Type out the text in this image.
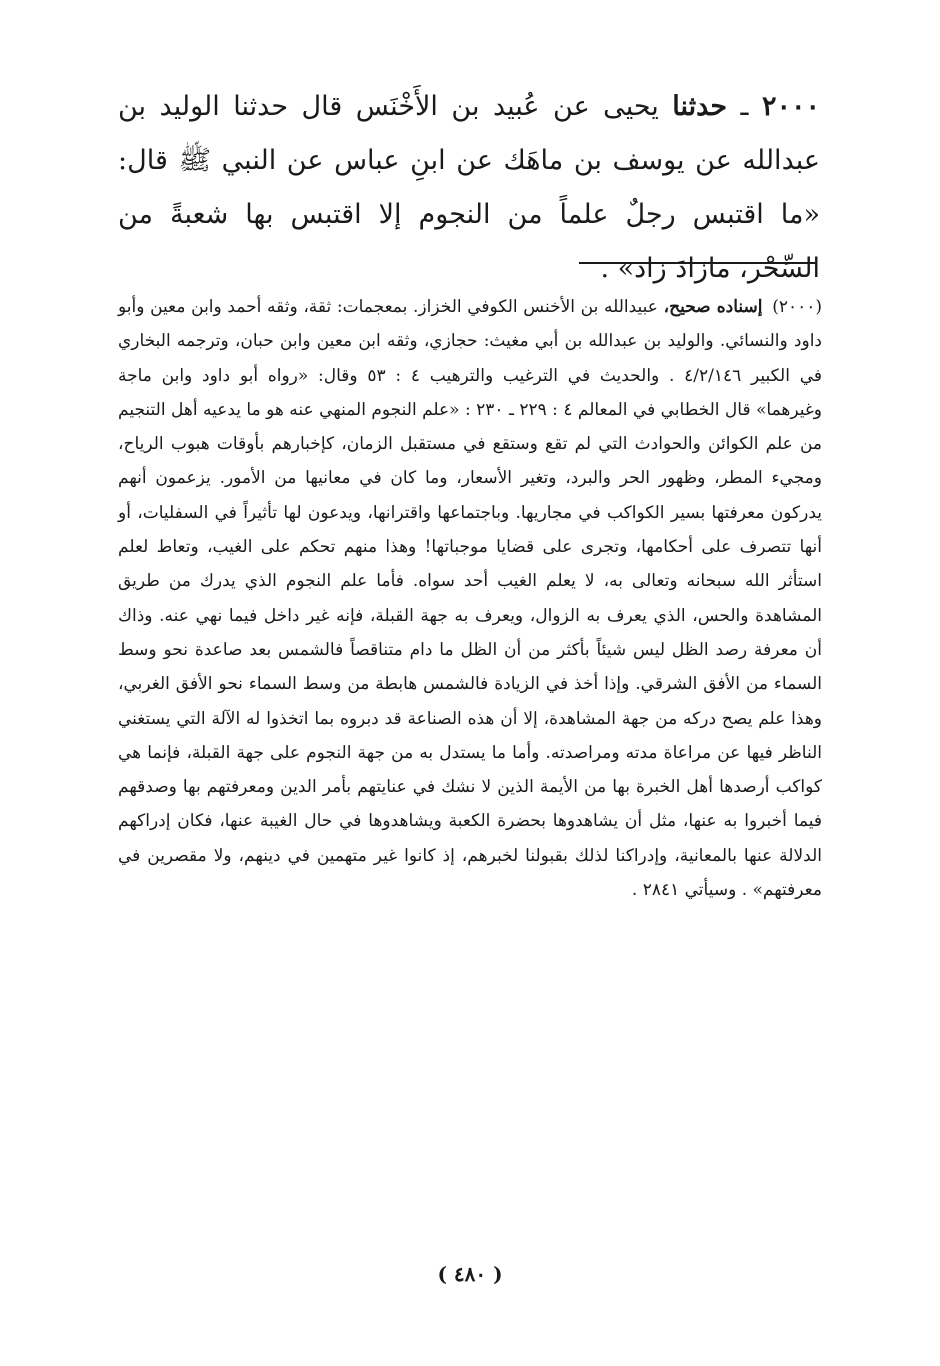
٢٠٠٠ ـ حدثنا يحيى عن عُبيد بن الأَخْنَس قال حدثنا الوليد بن عبدالله عن يوسف بن ماهَك عن ابنِ عباس عن النبي ﷺ قال: «ما اقتبس رجلٌ علماً من النجوم إلا اقتبس بها شعبةً من السِّحْر، مازادَ زاد» .
(٢٠٠٠) إسناده صحيح، عبيدالله بن الأخنس الكوفي الخزاز. بمعجمات: ثقة، وثقه أحمد وابن معين وأبو داود والنسائي. والوليد بن عبدالله بن أبي مغيث: حجازي، وثقه ابن معين وابن حبان، وترجمه البخاري في الكبير ٤/٢/١٤٦ . والحديث في الترغيب والترهيب ٤ : ٥٣ وقال: «رواه أبو داود وابن ماجة وغيرهما» قال الخطابي في المعالم ٤ : ٢٢٩ ـ ٢٣٠ : «علم النجوم المنهي عنه هو ما يدعيه أهل التنجيم من علم الكوائن والحوادث التي لم تقع وستقع في مستقبل الزمان، كإخبارهم بأوقات هبوب الرياح، ومجيء المطر، وظهور الحر والبرد، وتغير الأسعار، وما كان في معانيها من الأمور. يزعمون أنهم يدركون معرفتها بسير الكواكب في مجاريها. وباجتماعها واقترانها، ويدعون لها تأثيراً في السفليات، أو أنها تتصرف على أحكامها، وتجرى على قضايا موجباتها! وهذا منهم تحكم على الغيب، وتعاط لعلم استأثر الله سبحانه وتعالى به، لا يعلم الغيب أحد سواه. فأما علم النجوم الذي يدرك من طريق المشاهدة والحس، الذي يعرف به الزوال، ويعرف به جهة القبلة، فإنه غير داخل فيما نهي عنه. وذاك أن معرفة رصد الظل ليس شيئاً بأكثر من أن الظل ما دام متناقصاً فالشمس بعد صاعدة نحو وسط السماء من الأفق الشرقي. وإذا أخذ في الزيادة فالشمس هابطة من وسط السماء نحو الأفق الغربي، وهذا علم يصح دركه من جهة المشاهدة، إلا أن هذه الصناعة قد دبروه بما اتخذوا له الآلة التي يستغني الناظر فيها عن مراعاة مدته ومراصدته. وأما ما يستدل به من جهة النجوم على جهة القبلة، فإنما هي كواكب أرصدها أهل الخبرة بها من الأيمة الذين لا نشك في عنايتهم بأمر الدين ومعرفتهم بها وصدقهم فيما أخبروا به عنها، مثل أن يشاهدوها بحضرة الكعبة ويشاهدوها في حال الغيبة عنها، فكان إدراكهم الدلالة عنها بالمعانية، وإدراكنا لذلك بقبولنا لخبرهم، إذ كانوا غير متهمين في دينهم، ولا مقصرين في معرفتهم» . وسيأتي ٢٨٤١ .
( ٤٨٠ )
